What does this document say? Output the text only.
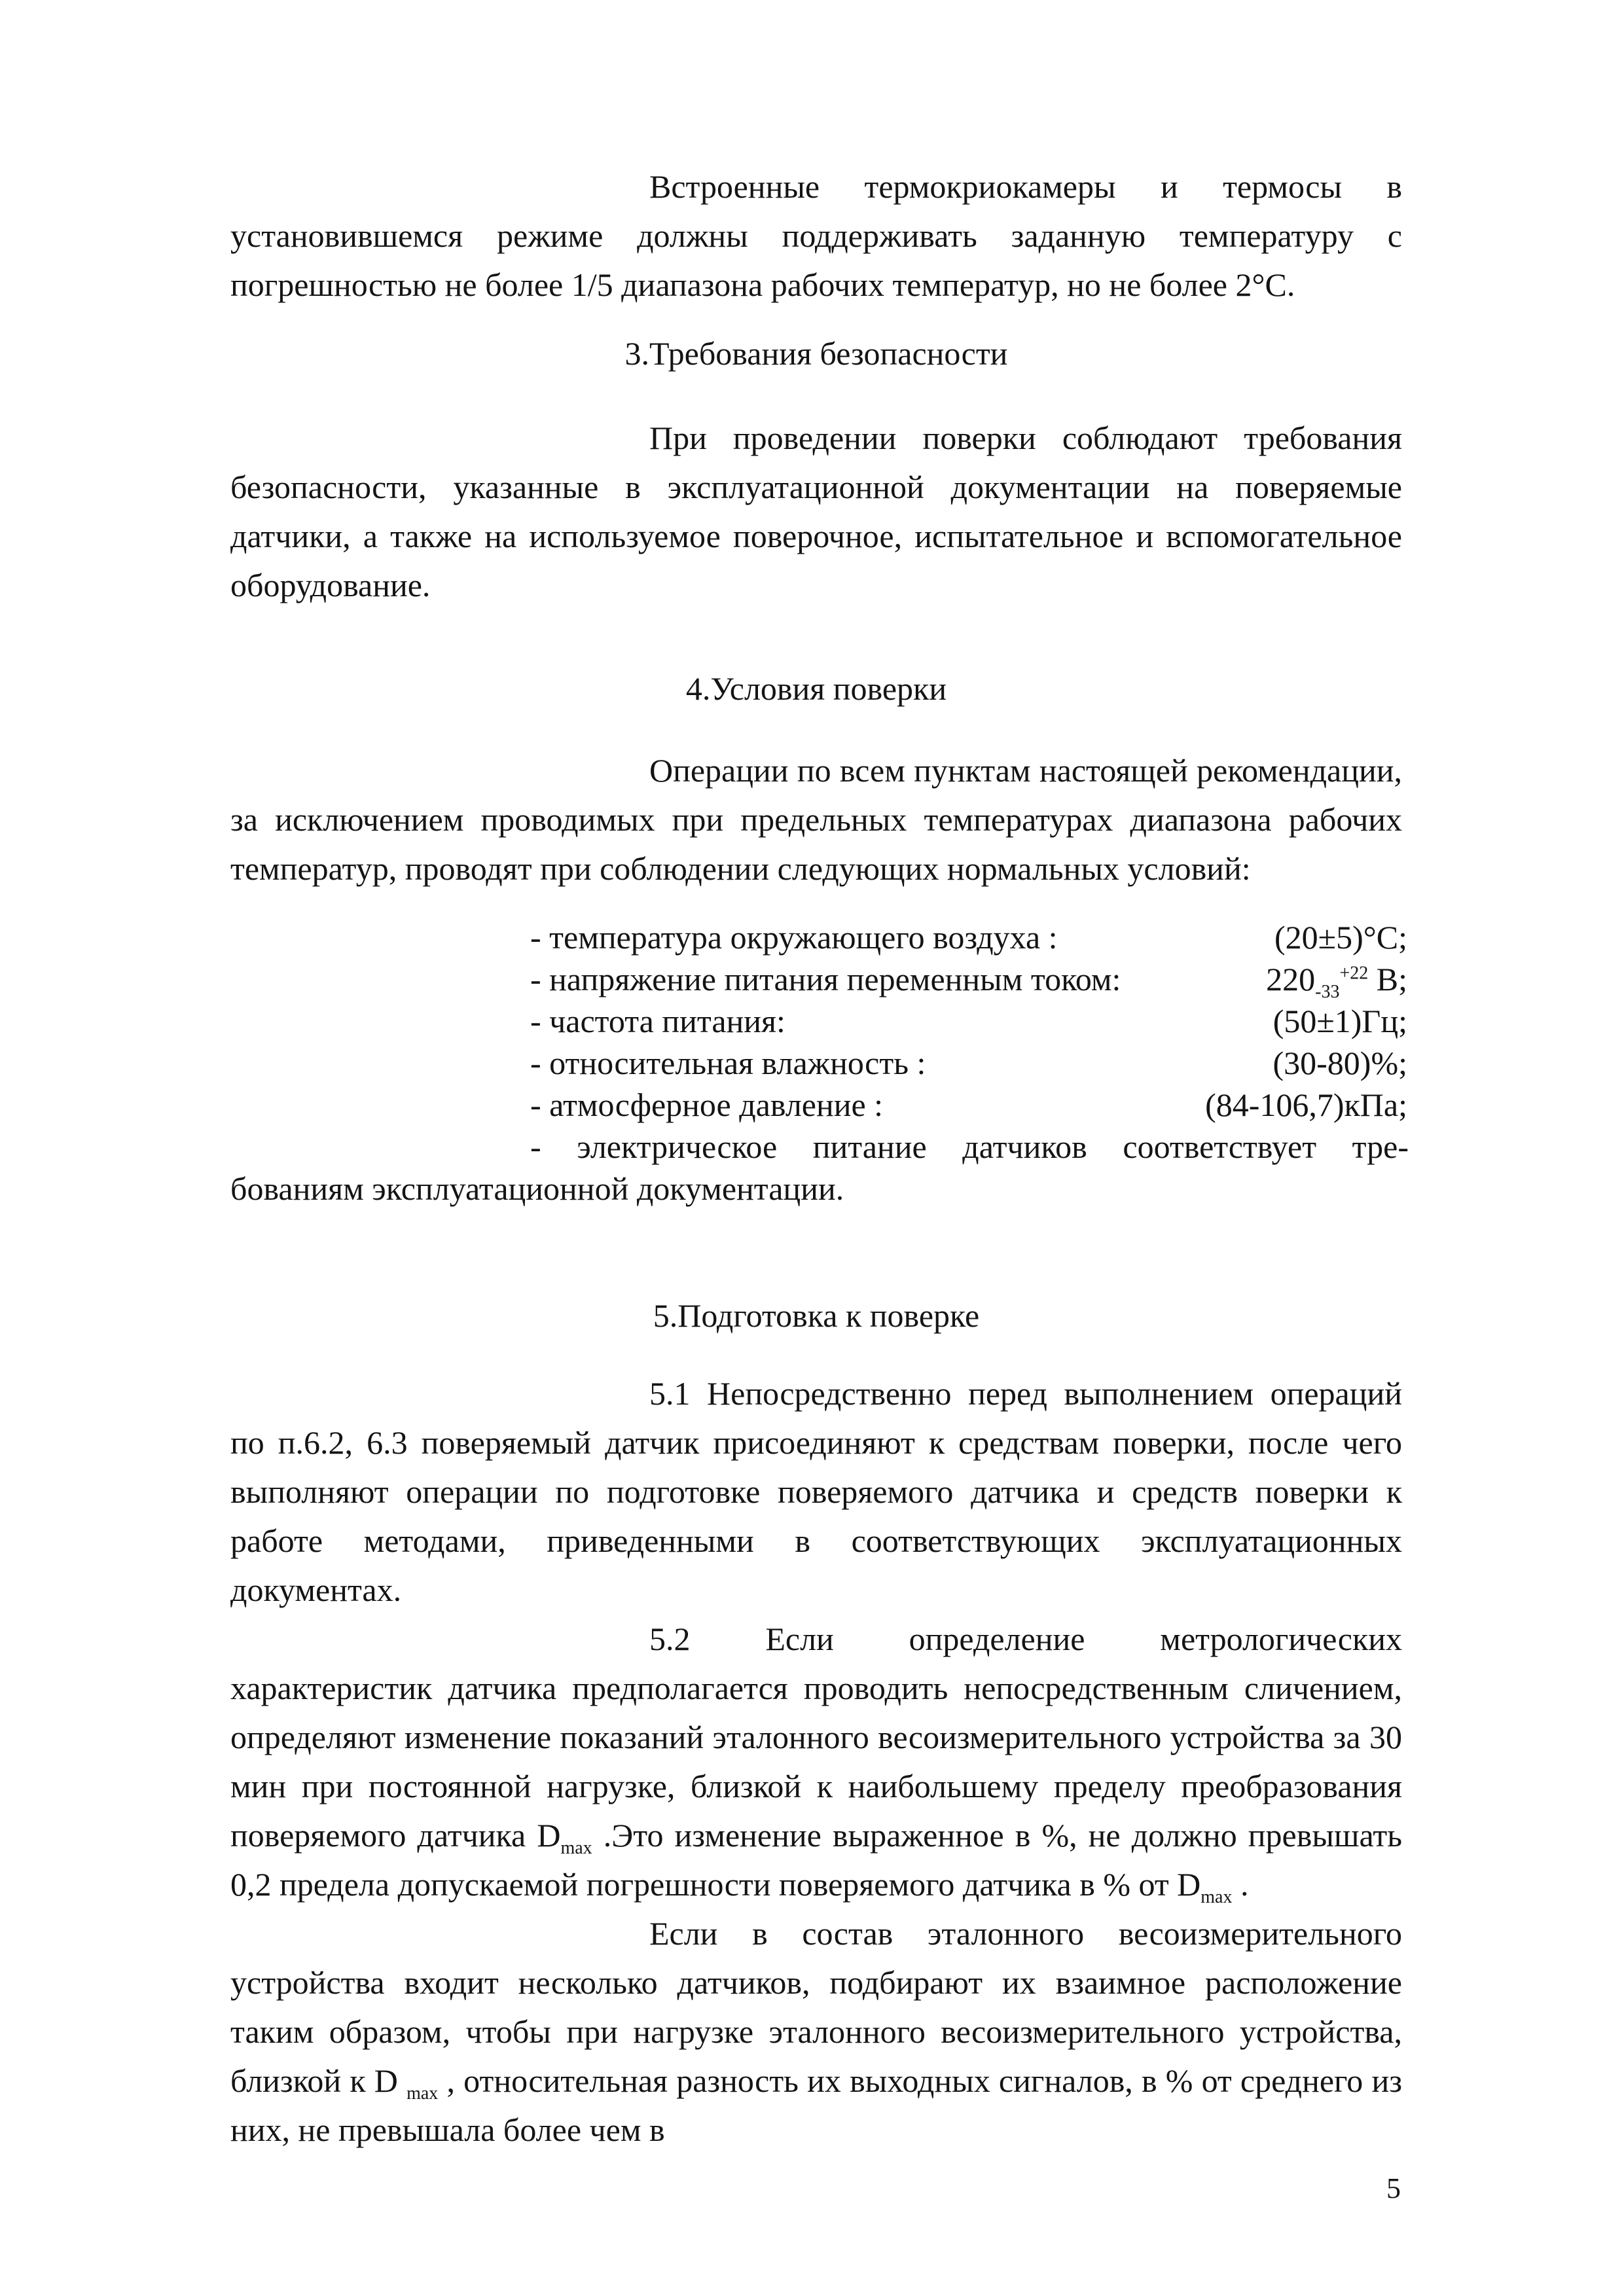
Встроенные термокриокамеры и термосы в установившемся режиме должны поддерживать заданную температуру с погрешностью не более 1/5 диапазона рабочих температур, но не более 2°C.

3.Требования безопасности

При проведении поверки соблюдают требования безопасности, указанные в эксплуатационной документации на поверяемые датчики, а также на используемое поверочное, испытательное и вспомогательное оборудование.

4.Условия поверки

Операции по всем пунктам настоящей рекомендации, за исключением проводимых при предельных температурах диапазона рабочих температур, проводят при соблюдении следующих нормальных условий:

- температура окружающего воздуха :	(20±5)°C;
- напряжение питания переменным током:	$220_{-33}^{+22}$ В;
- частота питания:	(50±1)Гц;
- относительная влажность :	(30-80)%;
- атмосферное давление :	(84-106,7)кПа;
- электрическое питание датчиков соответствует тре-
бованиям эксплуатационной документации.

5.Подготовка к поверке

5.1 Непосредственно перед выполнением операций по п.6.2, 6.3 поверяемый датчик присоединяют к средствам поверки, после чего выполняют операции по подготовке поверяемого датчика и средств поверки к работе методами, приведенными в соответствующих эксплуатационных документах.

5.2 Если определение метрологических характеристик датчика предполагается проводить непосредственным сличением, определяют изменение показаний эталонного весоизмерительного устройства за 30 мин при постоянной нагрузке, близкой к наибольшему пределу преобразования поверяемого датчика $D_{max}$ .Это изменение выраженное в %, не должно превышать 0,2 предела допускаемой погрешности поверяемого датчика в % от $D_{max}$ .

Если в состав эталонного весоизмерительного устройства входит несколько датчиков, подбирают их взаимное расположение таким образом, чтобы при нагрузке эталонного весоизмерительного устройства, близкой к D $_{max}$ , относительная разность их выходных сигналов, в % от среднего из них, не превышала более чем в

5
